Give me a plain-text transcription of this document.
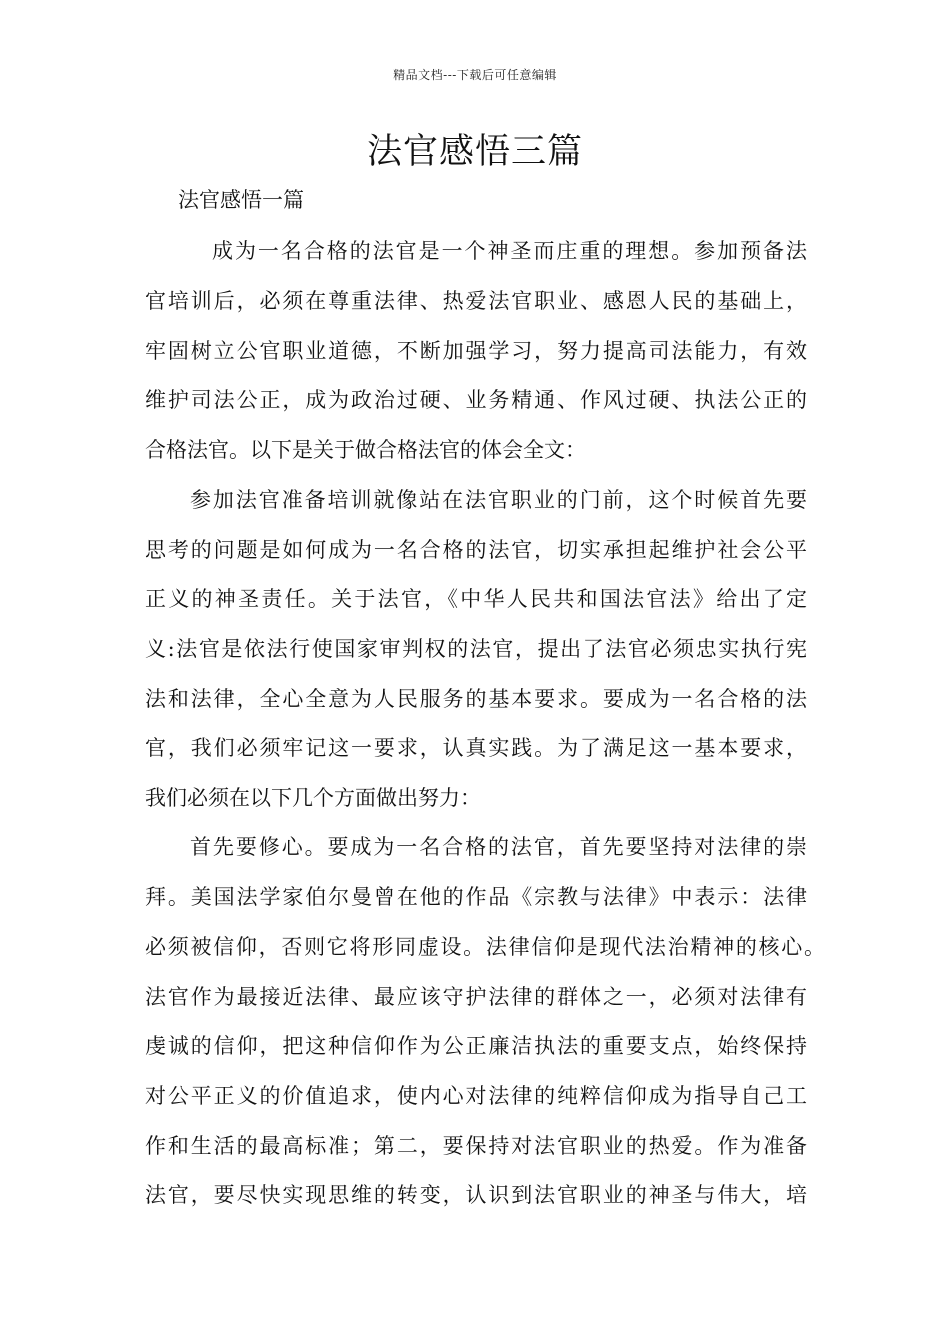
精品文档---下载后可任意编辑
法官感悟三篇

法官感悟一篇

成为一名合格的法官是一个神圣而庄重的理想。参加预备法
官培训后，必须在尊重法律、热爱法官职业、感恩人民的基础上，
牢固树立公官职业道德，不断加强学习，努力提高司法能力，有效
维护司法公正，成为政治过硬、业务精通、作风过硬、执法公正的
合格法官。以下是关于做合格法官的体会全文：
参加法官准备培训就像站在法官职业的门前，这个时候首先要
思考的问题是如何成为一名合格的法官，切实承担起维护社会公平
正义的神圣责任。关于法官，《中华人民共和国法官法》给出了定
义:法官是依法行使国家审判权的法官，提出了法官必须忠实执行宪
法和法律，全心全意为人民服务的基本要求。要成为一名合格的法
官，我们必须牢记这一要求，认真实践。为了满足这一基本要求，
我们必须在以下几个方面做出努力：
首先要修心。要成为一名合格的法官，首先要坚持对法律的崇
拜。美国法学家伯尔曼曾在他的作品《宗教与法律》中表示：法律
必须被信仰，否则它将形同虚设。法律信仰是现代法治精神的核心。
法官作为最接近法律、最应该守护法律的群体之一，必须对法律有
虔诚的信仰，把这种信仰作为公正廉洁执法的重要支点，始终保持
对公平正义的价值追求，使内心对法律的纯粹信仰成为指导自己工
作和生活的最高标准；第二，要保持对法官职业的热爱。作为准备
法官，要尽快实现思维的转变，认识到法官职业的神圣与伟大，培
